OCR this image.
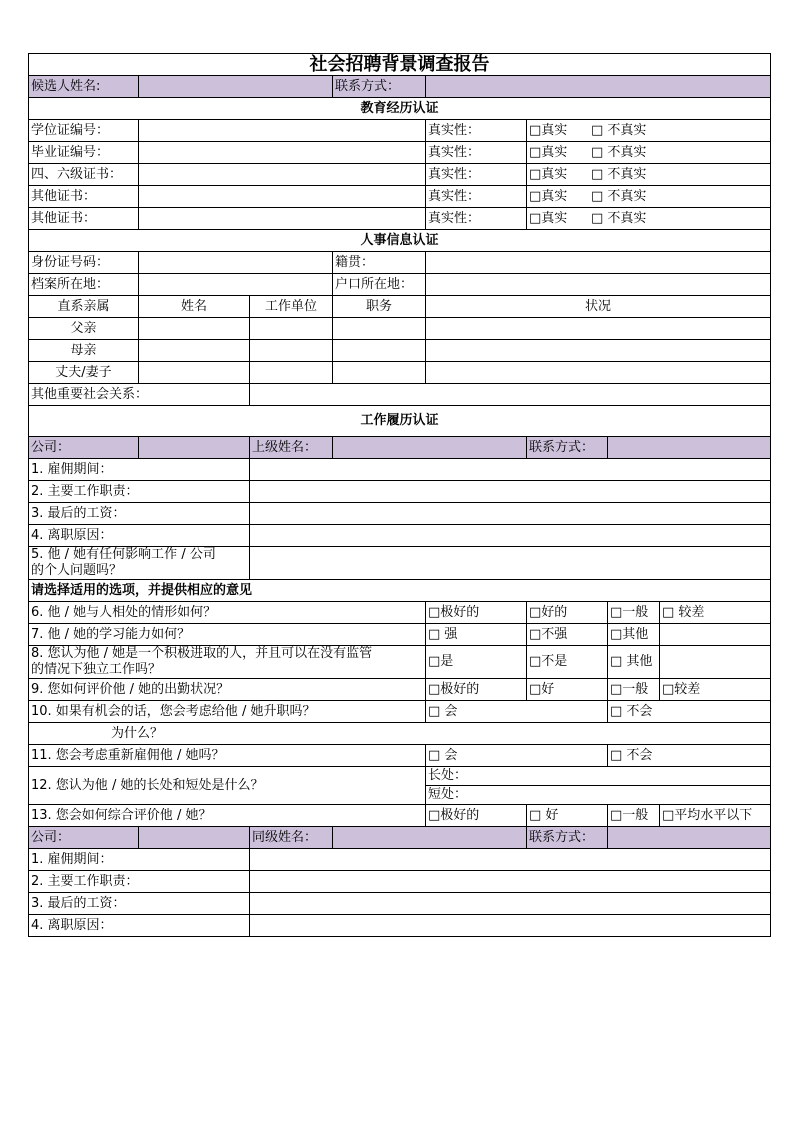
社会招聘背景调查报告							
候选人姓名:			联系方式：				
教育经历认证							
学位证编号：				真实性：	□真实 □ 不真实		
毕业证编号：				真实性：	□真实 □ 不真实		
四、六级证书：				真实性：	□真实 □ 不真实		
其他证书：				真实性：	□真实 □ 不真实		
其他证书：				真实性：	□真实 □ 不真实		
人事信息认证							
身份证号码：			籍贯：				
档案所在地：			户口所在地：				
直系亲属	姓名	工作单位	职务	状况			
父亲							
母亲							
丈夫/妻子							
其他重要社会关系：							
工作履历认证							
公司：		上级姓名：			联系方式：		
1. 雇佣期间：							
2. 主要工作职责：							
3. 最后的工资：							
4. 离职原因：							

5. 他 / 她有任何影响工作 / 公司
的个人问题吗？							

请选择适用的选项，并提供相应的意见							
6. 他 / 她与人相处的情形如何？				□极好的	□好的	□一般	□ 较差
7. 他 / 她的学习能力如何？				□ 强	□不强	□其他	

8. 您认为他 / 她是一个积极进取的人，并且可以在没有监管
的情况下独立工作吗？				□是	□不是	□ 其他	
9. 您如何评价他 / 她的出勤状况？				□极好的	□好	□一般	□较差
10. 如果有机会的话，您会考虑给他 / 她升职吗？				□ 会		□ 不会	
为什么？							
11. 您会考虑重新雇佣他 / 她吗？				□ 会		□ 不会	
12. 您认为他 / 她的长处和短处是什么？				长处：			
				短处：			
13. 您会如何综合评价他 / 她？				□极好的	□ 好	□一般	□平均水平以下
公司：		同级姓名：			联系方式：		
1. 雇佣期间：							
2. 主要工作职责：							
3. 最后的工资：							
4. 离职原因：							
